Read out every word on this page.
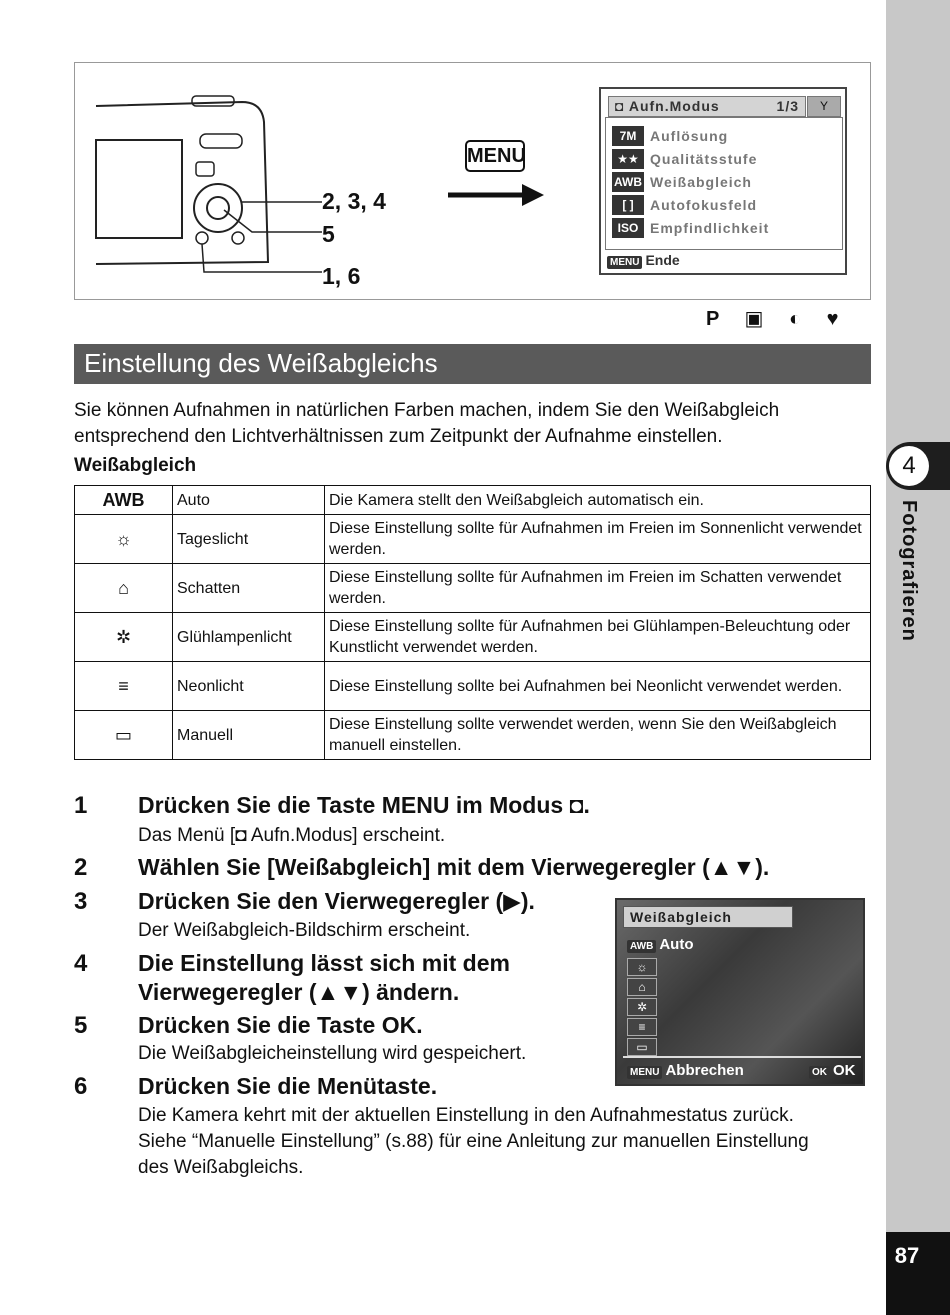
4
Fotografieren
87
2, 3, 4
5
1, 6
MENU
◘ Aufn.Modus	1/3	Y
7M Auflösung
★★ Qualitätsstufe
AWB Weißabgleich
[ ]	Autofokusfeld
ISO Empfindlichkeit
MENU Ende
P ▣ ◐ ♥
Einstellung des Weißabgleichs
Sie können Aufnahmen in natürlichen Farben machen, indem Sie den Weißabgleich entsprechend den Lichtverhältnissen zum Zeitpunkt der Aufnahme einstellen.
Weißabgleich
AWB	Auto	Die Kamera stellt den Weißabgleich automatisch ein.
☼	Tageslicht	Diese Einstellung sollte für Aufnahmen im Freien im Sonnenlicht verwendet werden.
⌂	Schatten	Diese Einstellung sollte für Aufnahmen im Freien im Schatten verwendet werden.
✲	Glühlampenlicht	Diese Einstellung sollte für Aufnahmen bei Glühlampen-Beleuchtung oder Kunstlicht verwendet werden.
≡	Neonlicht	Diese Einstellung sollte bei Aufnahmen bei Neonlicht verwendet werden.
▭	Manuell	Diese Einstellung sollte verwendet werden, wenn Sie den Weißabgleich manuell einstellen.
1 Drücken Sie die Taste MENU im Modus ◘.
Das Menü [◘ Aufn.Modus] erscheint.
2 Wählen Sie [Weißabgleich] mit dem Vierwegeregler (▲▼).
3 Drücken Sie den Vierwegeregler (▶).
Der Weißabgleich-Bildschirm erscheint.
4 Die Einstellung lässt sich mit dem
Vierwegeregler (▲▼) ändern.
5 Drücken Sie die Taste OK.
Die Weißabgleicheinstellung wird gespeichert.
6 Drücken Sie die Menütaste.
Die Kamera kehrt mit der aktuellen Einstellung in den Aufnahmestatus zurück.
Siehe “Manuelle Einstellung” (s.88) für eine Anleitung zur manuellen Einstellung
des Weißabgleichs.
Weißabgleich
AWB Auto
☼
⌂
✲
≡
▭
MENU Abbrechen	OK OK
